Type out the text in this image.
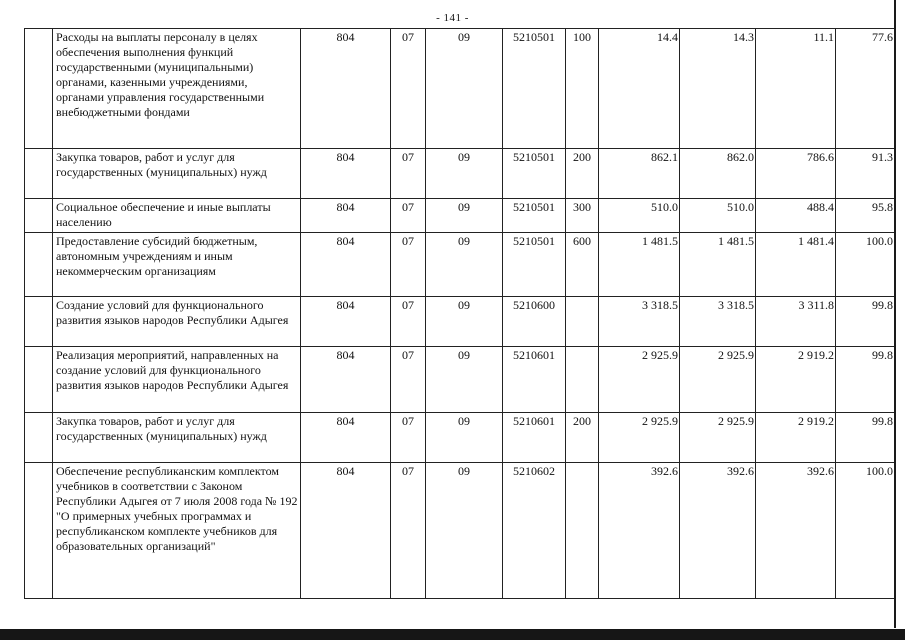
- 141 -
	Расходы на выплаты персоналу в целях обеспечения выполнения функций государственными (муниципальными) органами, казенными учреждениями, органами управления государственными внебюджетными фондами	804	07	09	5210501	100	14.4	14.3	11.1	77.6
	Закупка товаров, работ и услуг для государственных (муниципальных) нужд	804	07	09	5210501	200	862.1	862.0	786.6	91.3
	Социальное обеспечение и иные выплаты населению	804	07	09	5210501	300	510.0	510.0	488.4	95.8
	Предоставление субсидий бюджетным, автономным учреждениям и иным некоммерческим организациям	804	07	09	5210501	600	1 481.5	1 481.5	1 481.4	100.0
	Создание условий для функционального развития языков народов Республики Адыгея	804	07	09	5210600		3 318.5	3 318.5	3 311.8	99.8
	Реализация мероприятий, направленных на создание условий для функционального развития языков народов Республики Адыгея	804	07	09	5210601		2 925.9	2 925.9	2 919.2	99.8
	Закупка товаров, работ и услуг для государственных (муниципальных) нужд	804	07	09	5210601	200	2 925.9	2 925.9	2 919.2	99.8
	Обеспечение республиканским комплектом учебников в соответствии с Законом Республики Адыгея от 7 июля 2008 года № 192 "О примерных учебных программах и республиканском комплекте учебников для образовательных организаций"	804	07	09	5210602		392.6	392.6	392.6	100.0
